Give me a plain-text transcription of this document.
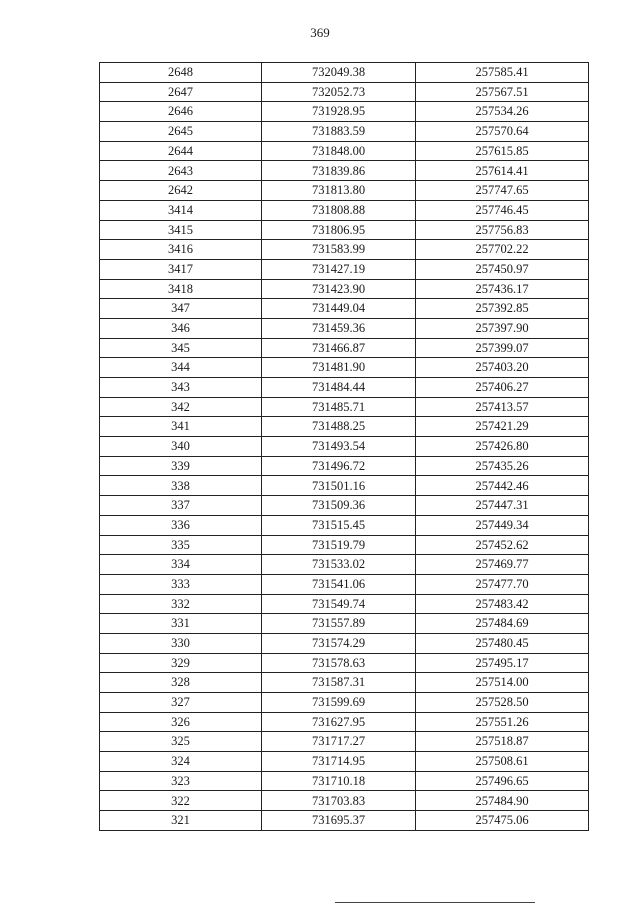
369
2648	732049.38	257585.41
2647	732052.73	257567.51
2646	731928.95	257534.26
2645	731883.59	257570.64
2644	731848.00	257615.85
2643	731839.86	257614.41
2642	731813.80	257747.65
3414	731808.88	257746.45
3415	731806.95	257756.83
3416	731583.99	257702.22
3417	731427.19	257450.97
3418	731423.90	257436.17
347	731449.04	257392.85
346	731459.36	257397.90
345	731466.87	257399.07
344	731481.90	257403.20
343	731484.44	257406.27
342	731485.71	257413.57
341	731488.25	257421.29
340	731493.54	257426.80
339	731496.72	257435.26
338	731501.16	257442.46
337	731509.36	257447.31
336	731515.45	257449.34
335	731519.79	257452.62
334	731533.02	257469.77
333	731541.06	257477.70
332	731549.74	257483.42
331	731557.89	257484.69
330	731574.29	257480.45
329	731578.63	257495.17
328	731587.31	257514.00
327	731599.69	257528.50
326	731627.95	257551.26
325	731717.27	257518.87
324	731714.95	257508.61
323	731710.18	257496.65
322	731703.83	257484.90
321	731695.37	257475.06
